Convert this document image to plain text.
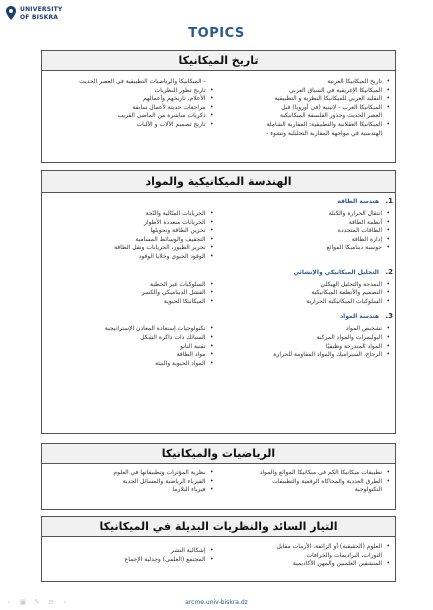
UNIVERSITY
OF BISKRA
TOPICS
تاريخ الميكانيكا
• تاريخ الميكانيكا العربية
• الميكانيكا الإغريقية في السياق العربي
• التقليد العربي للميكانيكا النظرية و التطبيقية
• الميكانيكا العرب - لاتينية (في أوروبا) قبل
العصر الحديث وجذور الفلسفة الميكانيكية
• الميكانيكا العقلانية والتطبيقية: المقاربة الشاملة
الهندسية في مواجهة المقاربة التحليلية ونشوء -
- الميكانيكا والرياضيات التطبيقية في العصر الحديث
• تاريخ تطور النظريات
• الأعلام، تاريخهم وأعمالهم
• مراجعات حديثة لأعمال سابقة
• ذكريات مباشرة من الماضي القريب
• تاريخ تصميم الآلات و الآليات
الهندسة الميكانيكية والمواد
1.هندسة الطاقة
• انتقال الحرارة والكتلة
• أنظمة الطاقة
• الطاقات المتجددة
• إدارة الطاقة
• حوسبة ديناميكا الموائع
• الجريانات المتّالية والتّجة
• الجريانات متعددة الأطوار
• تخزين الطاقة وتحويلها
• التجفيف والوسائط المسامية
• تحرير الطيور، الجريانات ونقل الطاقة
• الوقود الحيوي وخلايا الوقود
2.التحليل الميكانيكي والإنشائي
• النمذجة والتحليل الهيكلي
• التصميم والأنظمة الميكانيكية
• السلوكيات الميكانيكية الحرارية
• السلوكيات غير الخطية
• الفشل الديناميكي والكسر
• الميكانيكا الحيوية
3.هندسة المواد
• تشخيص المواد
• البوليمرات والمواد المركبة
• المواد المتدرجة وظيفيًا
• الزجاج، السيراميك والمواد المقاومة للحرارة
• تكنولوجيات إستعادة المعادن الإستراتيجية
• السبائك ذات ذاكرة الشكل
• تقنية النانو
• مواد الطاقة
• المواد الحيوية والبيئة
الرياضيات والميكانيكا
• تطبيقات ميكانيكا الكم في ميكانيكا الموائع والمواد
• الطرق العددية والمحاكاة الرقمية والتطبيقات
التكنولوجية
• نظرية المؤثرات وتطبيقاتها في العلوم
• الفيزياء الرياضية والمسائل الحدية
• فيزياء البلازما
التيار السائد والنظريات البديلة في الميكانيكا
• العلوم (الحقيقية) أو الزائفة، الأزمات مقابل
الثورات، البراديمات والخرافات
• المنشقين العلميين والمهن الأكاديمية
• إشكالية النشر
• المجتمع (العلمي) وجدلية الإجماع
‹	▣ ✎ ≡	›	arcme.univ-biskra.dz
